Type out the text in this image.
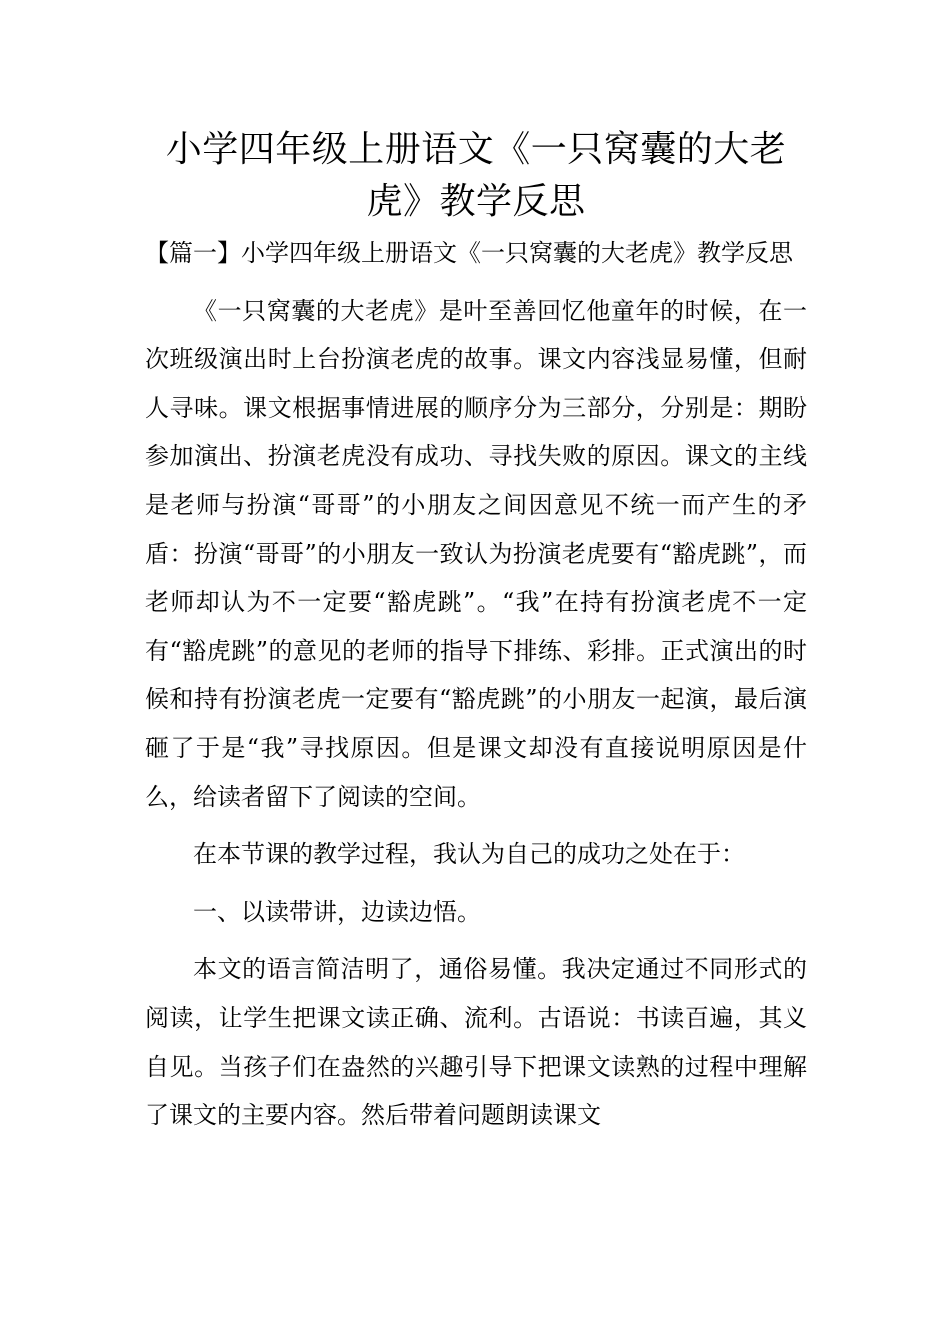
小学四年级上册语文《一只窝囊的大老
虎》教学反思

【篇一】小学四年级上册语文《一只窝囊的大老虎》教学反思

《一只窝囊的大老虎》是叶至善回忆他童年的时候，在一次班级演出时上台扮演老虎的故事。课文内容浅显易懂，但耐人寻味。课文根据事情进展的顺序分为三部分，分别是：期盼参加演出、扮演老虎没有成功、寻找失败的原因。课文的主线是老师与扮演“哥哥”的小朋友之间因意见不统一而产生的矛盾：扮演“哥哥”的小朋友一致认为扮演老虎要有“豁虎跳”，而老师却认为不一定要“豁虎跳”。“我”在持有扮演老虎不一定有“豁虎跳”的意见的老师的指导下排练、彩排。正式演出的时候和持有扮演老虎一定要有“豁虎跳”的小朋友一起演，最后演砸了于是“我”寻找原因。但是课文却没有直接说明原因是什么，给读者留下了阅读的空间。

在本节课的教学过程，我认为自己的成功之处在于：

一、以读带讲，边读边悟。

本文的语言简洁明了，通俗易懂。我决定通过不同形式的阅读，让学生把课文读正确、流利。古语说：书读百遍，其义自见。当孩子们在盎然的兴趣引导下把课文读熟的过程中理解了课文的主要内容。然后带着问题朗读课文
